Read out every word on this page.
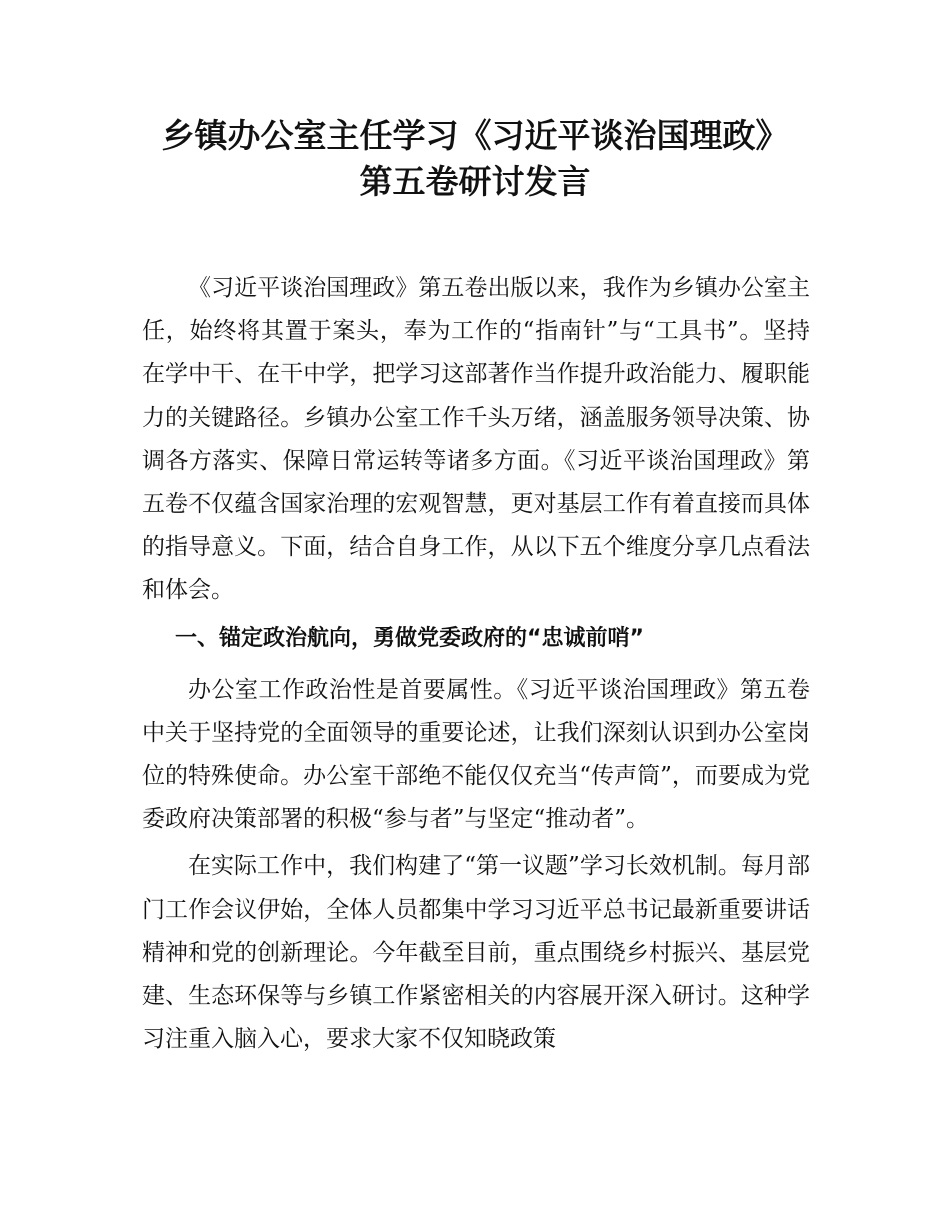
乡镇办公室主任学习《习近平谈治国理政》
第五卷研讨发言

《习近平谈治国理政》第五卷出版以来，我作为乡镇办公室主任，始终将其置于案头，奉为工作的“指南针”与“工具书”。坚持在学中干、在干中学，把学习这部著作当作提升政治能力、履职能力的关键路径。乡镇办公室工作千头万绪，涵盖服务领导决策、协调各方落实、保障日常运转等诸多方面。《习近平谈治国理政》第五卷不仅蕴含国家治理的宏观智慧，更对基层工作有着直接而具体的指导意义。下面，结合自身工作，从以下五个维度分享几点看法和体会。

一、锚定政治航向，勇做党委政府的“忠诚前哨”

办公室工作政治性是首要属性。《习近平谈治国理政》第五卷中关于坚持党的全面领导的重要论述，让我们深刻认识到办公室岗位的特殊使命。办公室干部绝不能仅仅充当“传声筒”，而要成为党委政府决策部署的积极“参与者”与坚定“推动者”。

在实际工作中，我们构建了“第一议题”学习长效机制。每月部门工作会议伊始，全体人员都集中学习习近平总书记最新重要讲话精神和党的创新理论。今年截至目前，重点围绕乡村振兴、基层党建、生态环保等与乡镇工作紧密相关的内容展开深入研讨。这种学习注重入脑入心，要求大家不仅知晓政策
